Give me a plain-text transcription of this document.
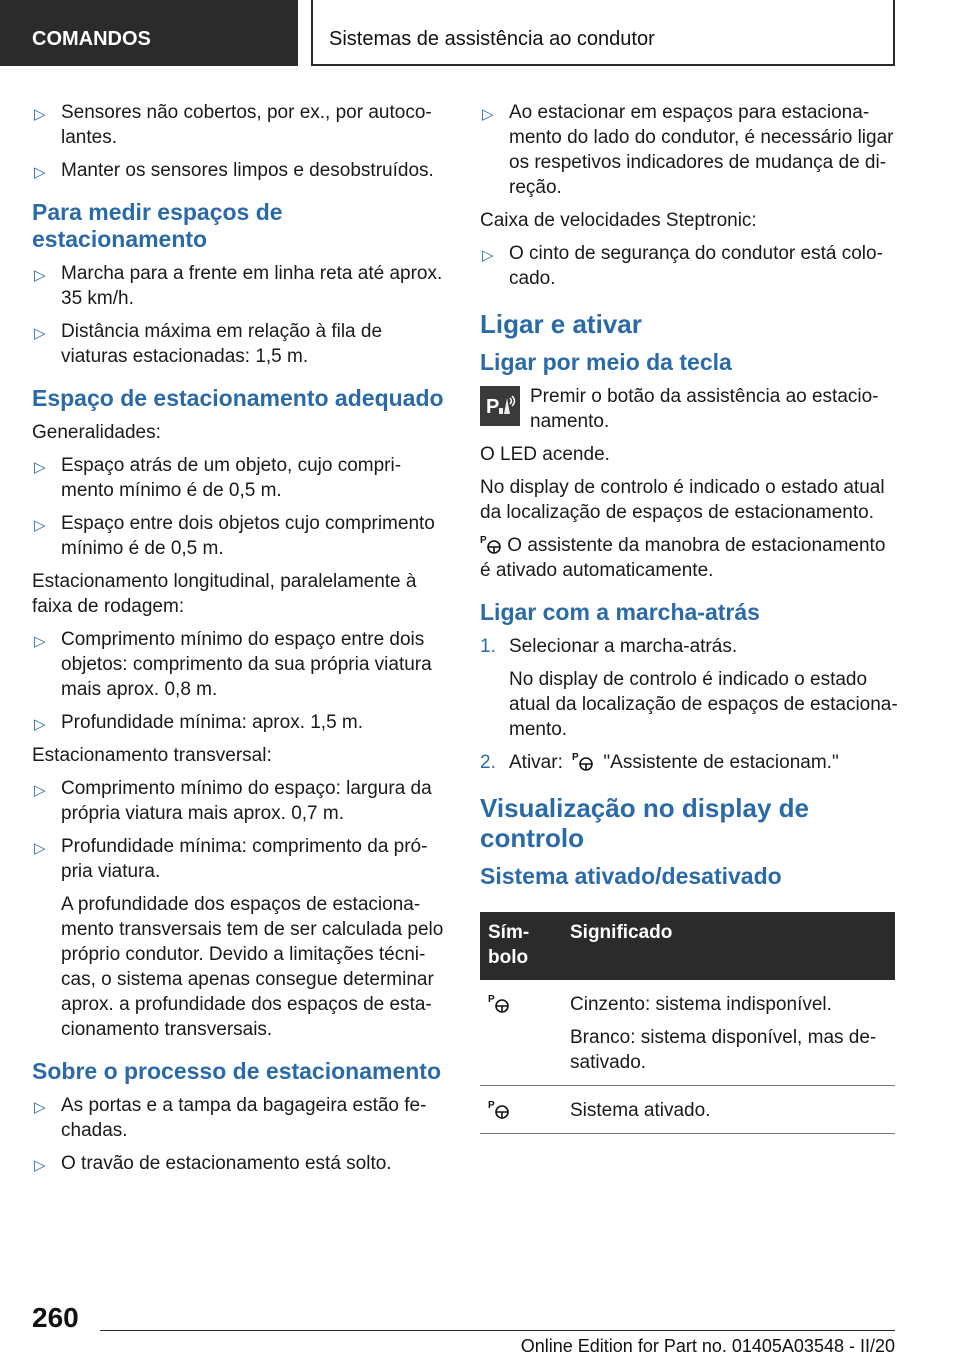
COMANDOS	Sistemas de assistência ao condutor
▷ Sensores não cobertos, por ex., por autoco-lantes.
▷ Manter os sensores limpos e desobstruídos.
Para medir espaços de estacionamento
▷ Marcha para a frente em linha reta até aprox. 35 km/h.
▷ Distância máxima em relação à fila de viaturas estacionadas: 1,5 m.
Espaço de estacionamento adequado
Generalidades:
▷ Espaço atrás de um objeto, cujo compri-mento mínimo é de 0,5 m.
▷ Espaço entre dois objetos cujo comprimento mínimo é de 0,5 m.
Estacionamento longitudinal, paralelamente à faixa de rodagem:
▷ Comprimento mínimo do espaço entre dois objetos: comprimento da sua própria viatura mais aprox. 0,8 m.
▷ Profundidade mínima: aprox. 1,5 m.
Estacionamento transversal:
▷ Comprimento mínimo do espaço: largura da própria viatura mais aprox. 0,7 m.
▷ Profundidade mínima: comprimento da pró-pria viatura.
A profundidade dos espaços de estaciona-mento transversais tem de ser calculada pelo próprio condutor. Devido a limitações técni-cas, o sistema apenas consegue determinar aprox. a profundidade dos espaços de esta-cionamento transversais.
Sobre o processo de estacionamento
▷ As portas e a tampa da bagageira estão fe-chadas.
▷ O travão de estacionamento está solto.
▷ Ao estacionar em espaços para estaciona-mento do lado do condutor, é necessário ligar os respetivos indicadores de mudança de di-reção.
Caixa de velocidades Steptronic:
▷ O cinto de segurança do condutor está colo-cado.
Ligar e ativar
Ligar por meio da tecla
P Premir o botão da assistência ao estacio-namento.
O LED acende.
No display de controlo é indicado o estado atual da localização de espaços de estacionamento.
P O assistente da manobra de estacionamento é ativado automaticamente.
Ligar com a marcha-atrás
1. Selecionar a marcha-atrás.
No display de controlo é indicado o estado atual da localização de espaços de estaciona-mento.
2. Ativar: P "Assistente de estacionam."
Visualização no display de controlo
Sistema ativado/desativado
Sím-bolo	Significado

P	Cinzento: sistema indisponível.

Branco: sistema disponível, mas de-sativado.

P	Sistema ativado.
260
Online Edition for Part no. 01405A03548 - II/20
